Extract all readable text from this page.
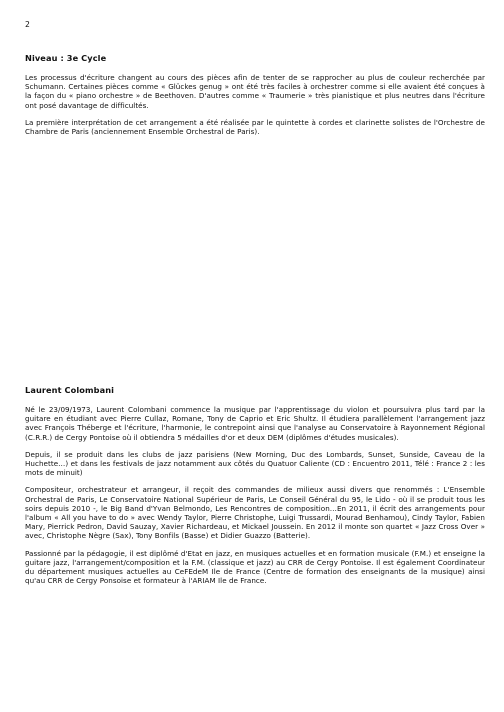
2
Niveau : 3e Cycle

Les processus d'écriture changent au cours des pièces afin de tenter de se rapprocher au plus de couleur recherchée par Schumann. Certaines pièces comme « Glückes genug » ont été très faciles à orchestrer comme si elle avaient été conçues à la façon du « piano orchestre » de Beethoven. D'autres comme « Traumerie » très pianistique et plus neutres dans l'écriture ont posé davantage de difficultés.

La première interprétation de cet arrangement a été réalisée par le quintette à cordes et clarinette solistes de l'Orchestre de Chambre de Paris (anciennement Ensemble Orchestral de Paris).

Laurent Colombani

Né le 23/09/1973, Laurent Colombani commence la musique par l'apprentissage du violon et poursuivra plus tard par la guitare en étudiant avec Pierre Cullaz, Romane, Tony de Caprio et Eric Shultz. Il étudiera parallèlement l'arrangement jazz avec François Théberge et l'écriture, l'harmonie, le contrepoint ainsi que l'analyse au Conservatoire à Rayonnement Régional (C.R.R.) de Cergy Pontoise où il obtiendra 5 médailles d'or et deux DEM (diplômes d'études musicales).

Depuis, il se produit dans les clubs de jazz parisiens (New Morning, Duc des Lombards, Sunset, Sunside, Caveau de la Huchette…) et dans les festivals de jazz notamment aux côtés du Quatuor Caliente (CD : Encuentro 2011, Télé : France 2 : les mots de minuit)

Compositeur, orchestrateur et arrangeur, il reçoit des commandes de milieux aussi divers que renommés : L'Ensemble Orchestral de Paris, Le Conservatoire National Supérieur de Paris, Le Conseil Général du 95, le Lido - où il se produit tous les soirs depuis 2010 -, le Big Band d'Yvan Belmondo, Les Rencontres de composition…En 2011, il écrit des arrangements pour l'album « All you have to do » avec Wendy Taylor, Pierre Christophe, Luigi Trussardi, Mourad Benhamou), Cindy Taylor, Fabien Mary, Pierrick Pedron, David Sauzay, Xavier Richardeau, et Mickael Joussein. En 2012 il monte son quartet « Jazz Cross Over » avec, Christophe Nègre (Sax), Tony Bonfils (Basse) et Didier Guazzo (Batterie).

Passionné par la pédagogie, il est diplômé d'Etat en jazz, en musiques actuelles et en formation musicale (F.M.) et enseigne la guitare jazz, l'arrangement/composition et la F.M. (classique et jazz) au CRR de Cergy Pontoise. Il est également Coordinateur du département musiques actuelles au CeFEdeM Ile de France (Centre de formation des enseignants de la musique) ainsi qu'au CRR de Cergy Ponsoise et formateur à l'ARIAM Ile de France.
